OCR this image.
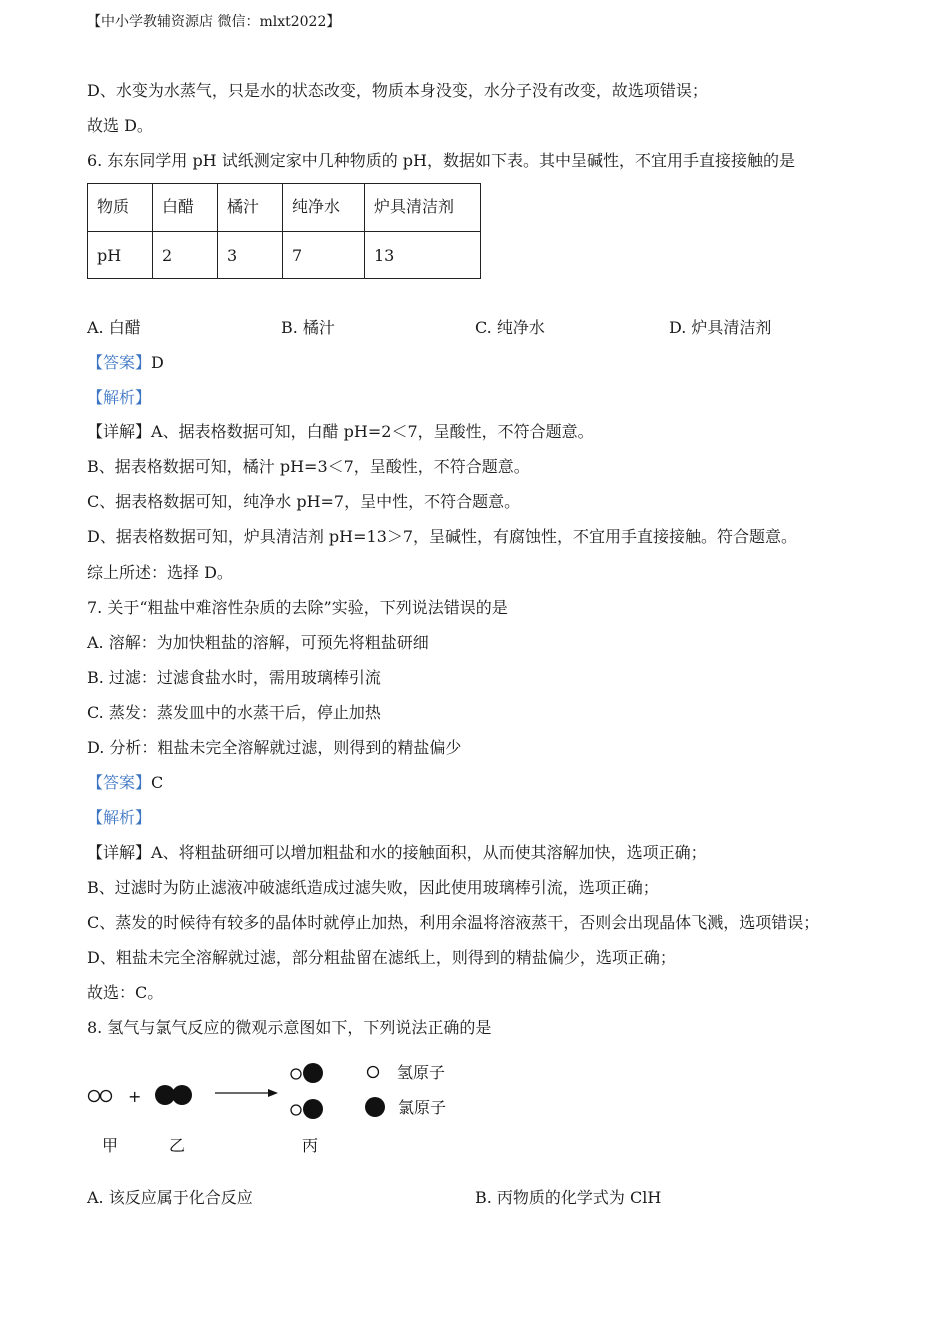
【中小学教辅资源店 微信：mlxt2022】
D、水变为水蒸气，只是水的状态改变，物质本身没变，水分子没有改变，故选项错误；
故选 D。
6. 东东同学用 pH 试纸测定家中几种物质的 pH，数据如下表。其中呈碱性，不宜用手直接接触的是
物质	白醋	橘汁	纯净水	炉具清洁剂
pH	2	3	7	13
A. 白醋	B. 橘汁	C. 纯净水	D. 炉具清洁剂
【答案】D
【解析】
【详解】A、据表格数据可知，白醋 pH=2＜7，呈酸性，不符合题意。
B、据表格数据可知，橘汁 pH=3＜7，呈酸性，不符合题意。
C、据表格数据可知，纯净水 pH=7，呈中性，不符合题意。
D、据表格数据可知，炉具清洁剂 pH=13＞7，呈碱性，有腐蚀性，不宜用手直接接触。符合题意。
综上所述：选择 D。
7. 关于“粗盐中难溶性杂质的去除”实验，下列说法错误的是
A. 溶解：为加快粗盐的溶解，可预先将粗盐研细
B. 过滤：过滤食盐水时，需用玻璃棒引流
C. 蒸发：蒸发皿中的水蒸干后，停止加热
D. 分析：粗盐未完全溶解就过滤，则得到的精盐偏少
【答案】C
【解析】
【详解】A、将粗盐研细可以增加粗盐和水的接触面积，从而使其溶解加快，选项正确；
B、过滤时为防止滤液冲破滤纸造成过滤失败，因此使用玻璃棒引流，选项正确；
C、蒸发的时候待有较多的晶体时就停止加热，利用余温将溶液蒸干，否则会出现晶体飞溅，选项错误；
D、粗盐未完全溶解就过滤，部分粗盐留在滤纸上，则得到的精盐偏少，选项正确；
故选：C。
8. 氢气与氯气反应的微观示意图如下，下列说法正确的是
+
氢原子
氯原子
甲	乙	丙
A. 该反应属于化合反应	B. 丙物质的化学式为 ClH
